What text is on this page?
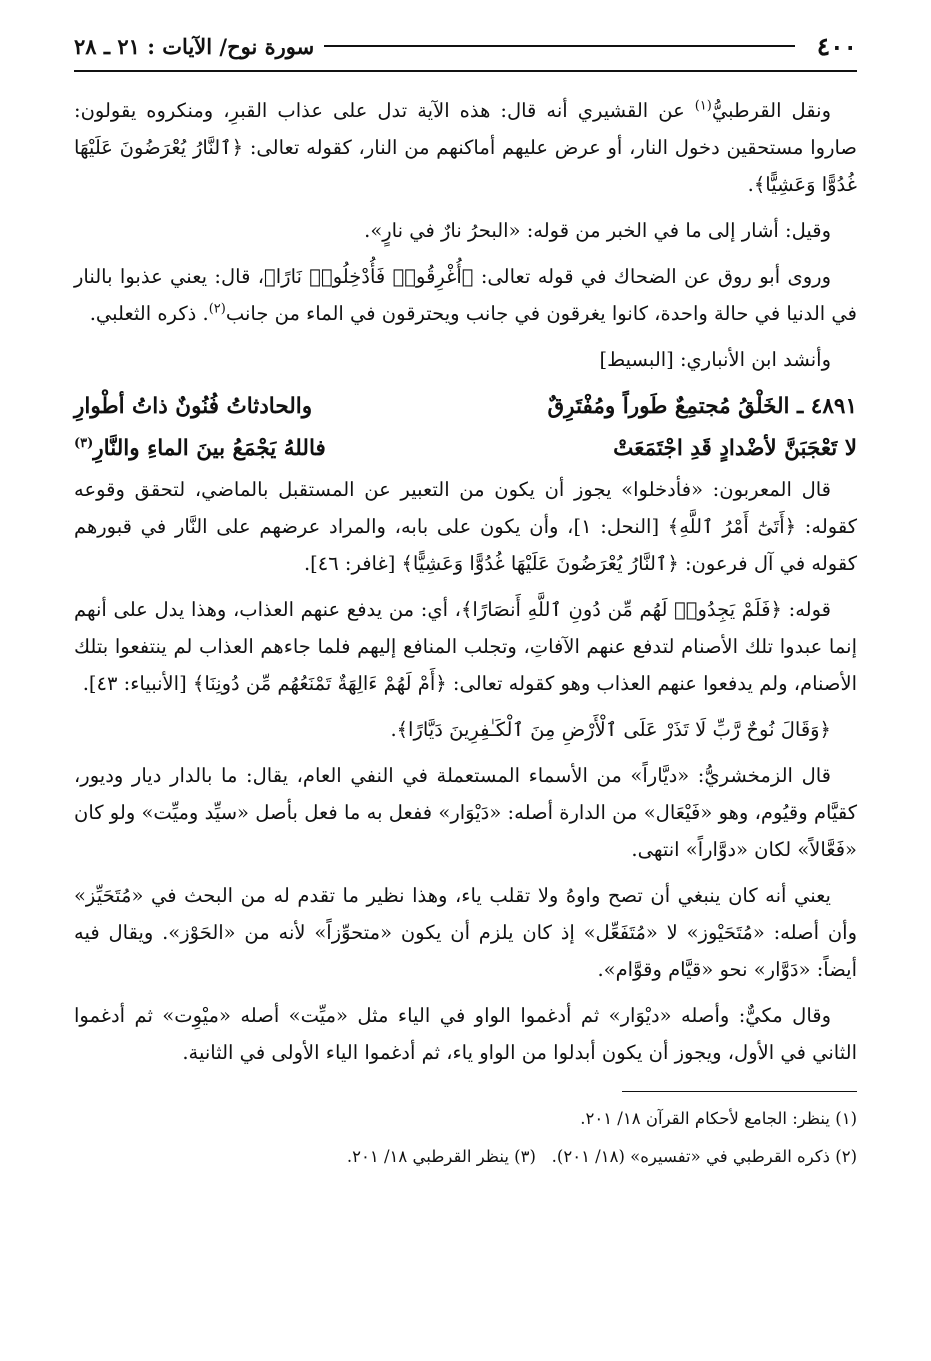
٤٠٠
سورة نوح/ الآيات : ٢١ ـ ٢٨

ونقل القرطبيُّ$^{(١)}$ عن القشيري أنه قال: هذه الآية تدل على عذاب القبرِ، ومنكروه يقولون: صاروا مستحقين دخول النار، أو عرض عليهم أماكنهم من النار، كقوله تعالى: ﴿ٱلنَّارُ يُعْرَضُونَ عَلَيْهَا غُدُوًّا وَعَشِيًّا﴾.

وقيل: أشار إلى ما في الخبر من قوله: «البحرُ نارٌ في نارٍ».

وروى أبو روق عن الضحاك في قوله تعالى: ﴿أُغْرِقُوا۟ فَأُدْخِلُوا۟ نَارًا﴾، قال: يعني عذبوا بالنار في الدنيا في حالة واحدة، كانوا يغرقون في جانب ويحترقون في الماء من جانب$^{(٢)}$. ذكره الثعلبي.

وأنشد ابن الأنباري: [البسيط]

٤٨٩١ ـ الخَلْقُ مُجتمِعٌ طَوراً ومُفْتَرِقٌ
والحادثاتُ فُنُونٌ ذاتُ أطْوارِ
لا تَعْجَبَنَّ لأضْدادٍ قَدِ اجْتَمَعَتْ
فاللهُ يَجْمَعُ بينَ الماءِ والنَّارِ$^{(٣)}$

قال المعربون: «فأدخلوا» يجوز أن يكون من التعبير عن المستقبل بالماضي، لتحقق وقوعه كقوله: ﴿أَتَىٰٓ أَمْرُ ٱللَّهِ﴾ [النحل: ١]، وأن يكون على بابه، والمراد عرضهم على النَّار في قبورهم كقوله في آل فرعون: ﴿ٱلنَّارُ يُعْرَضُونَ عَلَيْهَا غُدُوًّا وَعَشِيًّا﴾ [غافر: ٤٦].

قوله: ﴿فَلَمْ يَجِدُوا۟ لَهُم مِّن دُونِ ٱللَّهِ أَنصَارًا﴾، أي: من يدفع عنهم العذاب، وهذا يدل على أنهم إنما عبدوا تلك الأصنام لتدفع عنهم الآفاتِ، وتجلب المنافع إليهم فلما جاءهم العذاب لم ينتفعوا بتلك الأصنام، ولم يدفعوا عنهم العذاب وهو كقوله تعالى: ﴿أَمْ لَهُمْ ءَالِهَةٌ تَمْنَعُهُم مِّن دُونِنَا﴾ [الأنبياء: ٤٣].

﴿وَقَالَ نُوحٌ رَّبِّ لَا تَذَرْ عَلَى ٱلْأَرْضِ مِنَ ٱلْكَـٰفِرِينَ دَيَّارًا﴾.

قال الزمخشريُّ: «ديَّاراً» من الأسماء المستعملة في النفي العام، يقال: ما بالدار ديار وديور، كقيَّام وقيُوم، وهو «فَيْعَال» من الدارة أصله: «دَيْوَار» ففعل به ما فعل بأصل «سيِّد وميِّت» ولو كان «فَعَّالاً» لكان «دوَّاراً» انتهى.

يعني أنه كان ينبغي أن تصح واوهُ ولا تقلب ياء، وهذا نظير ما تقدم له من البحث في «مُتَحَيِّز» وأن أصله: «مُتَحَيْوز» لا «مُتَفَعِّل» إذ كان يلزم أن يكون «متحوِّزاً» لأنه من «الحَوْز». ويقال فيه أيضاً: «دَوَّار» نحو «قيَّام وقوَّام».

وقال مكيٌّ: وأصله «ديْوَار» ثم أدغموا الواو في الياء مثل «ميِّت» أصله «ميْوِت» ثم أدغموا الثاني في الأول، ويجوز أن يكون أبدلوا من الواو ياء، ثم أدغموا الياء الأولى في الثانية.

(١) ينظر: الجامع لأحكام القرآن ١٨/ ٢٠١.
(٢) ذكره القرطبي في «تفسيره» (١٨/ ٢٠١).   (٣) ينظر القرطبي ١٨/ ٢٠١.
